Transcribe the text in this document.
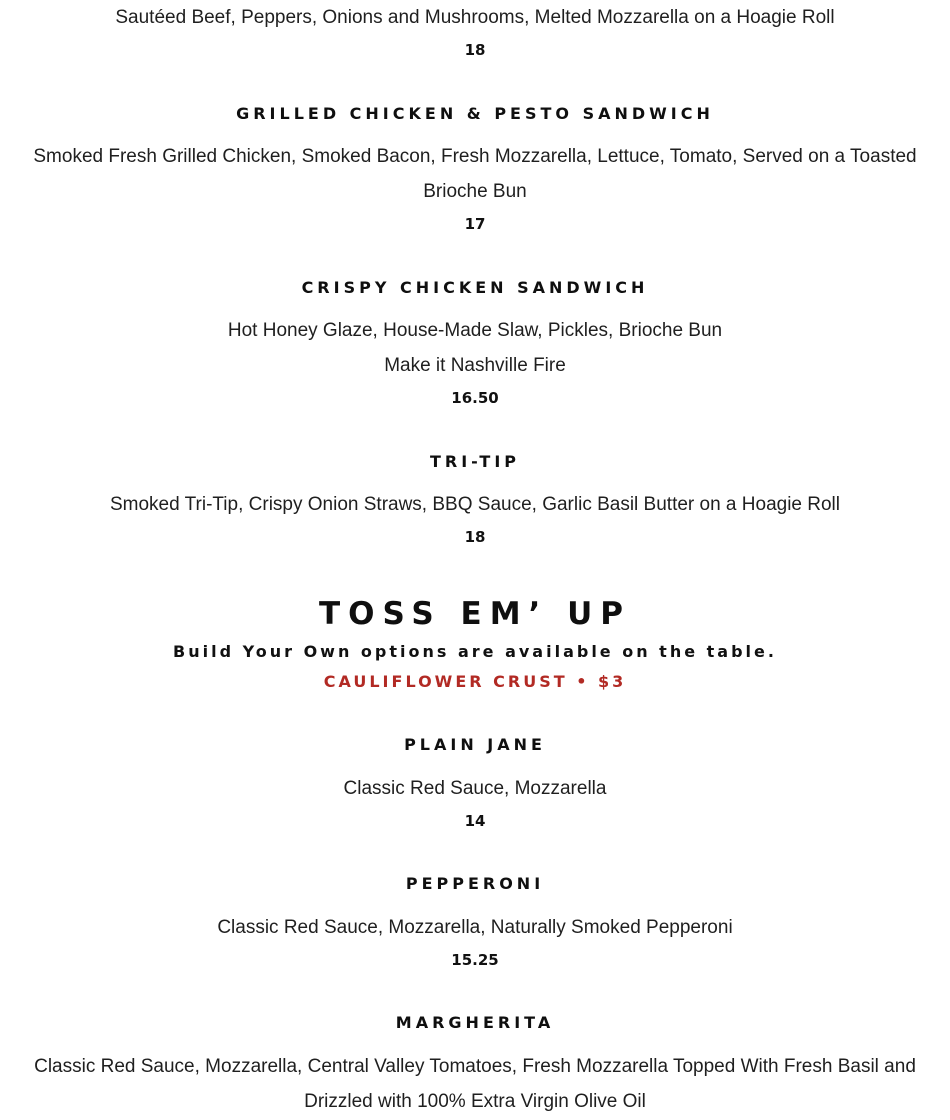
Sautéed Beef, Peppers, Onions and Mushrooms, Melted Mozzarella on a Hoagie Roll
18
GRILLED CHICKEN & PESTO SANDWICH
Smoked Fresh Grilled Chicken, Smoked Bacon, Fresh Mozzarella, Lettuce, Tomato, Served on a Toasted
Brioche Bun
17
CRISPY CHICKEN SANDWICH
Hot Honey Glaze, House-Made Slaw, Pickles, Brioche Bun
Make it Nashville Fire
16.50
TRI-TIP
Smoked Tri-Tip, Crispy Onion Straws, BBQ Sauce, Garlic Basil Butter on a Hoagie Roll
18
TOSS EM’ UP
Build Your Own options are available on the table.
CAULIFLOWER CRUST • $3
PLAIN JANE
Classic Red Sauce, Mozzarella
14
PEPPERONI
Classic Red Sauce, Mozzarella, Naturally Smoked Pepperoni
15.25
MARGHERITA
Classic Red Sauce, Mozzarella, Central Valley Tomatoes, Fresh Mozzarella Topped With Fresh Basil and
Drizzled with 100% Extra Virgin Olive Oil
